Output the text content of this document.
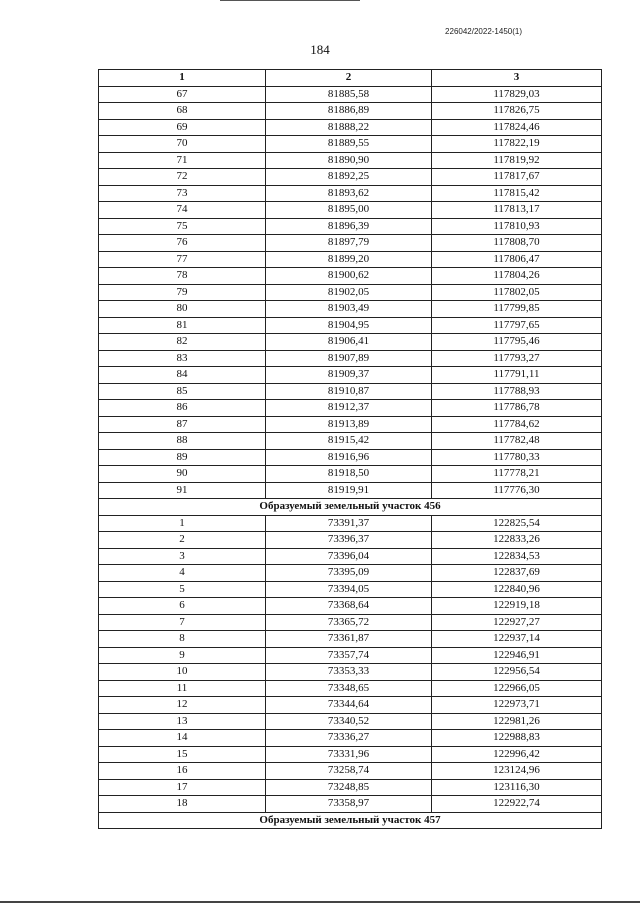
226042/2022-1450(1)
184
1	2	3
67	81885,58	117829,03
68	81886,89	117826,75
69	81888,22	117824,46
70	81889,55	117822,19
71	81890,90	117819,92
72	81892,25	117817,67
73	81893,62	117815,42
74	81895,00	117813,17
75	81896,39	117810,93
76	81897,79	117808,70
77	81899,20	117806,47
78	81900,62	117804,26
79	81902,05	117802,05
80	81903,49	117799,85
81	81904,95	117797,65
82	81906,41	117795,46
83	81907,89	117793,27
84	81909,37	117791,11
85	81910,87	117788,93
86	81912,37	117786,78
87	81913,89	117784,62
88	81915,42	117782,48
89	81916,96	117780,33
90	81918,50	117778,21
91	81919,91	117776,30
Образуемый земельный участок 456		
1	73391,37	122825,54
2	73396,37	122833,26
3	73396,04	122834,53
4	73395,09	122837,69
5	73394,05	122840,96
6	73368,64	122919,18
7	73365,72	122927,27
8	73361,87	122937,14
9	73357,74	122946,91
10	73353,33	122956,54
11	73348,65	122966,05
12	73344,64	122973,71
13	73340,52	122981,26
14	73336,27	122988,83
15	73331,96	122996,42
16	73258,74	123124,96
17	73248,85	123116,30
18	73358,97	122922,74
Образуемый земельный участок 457		
